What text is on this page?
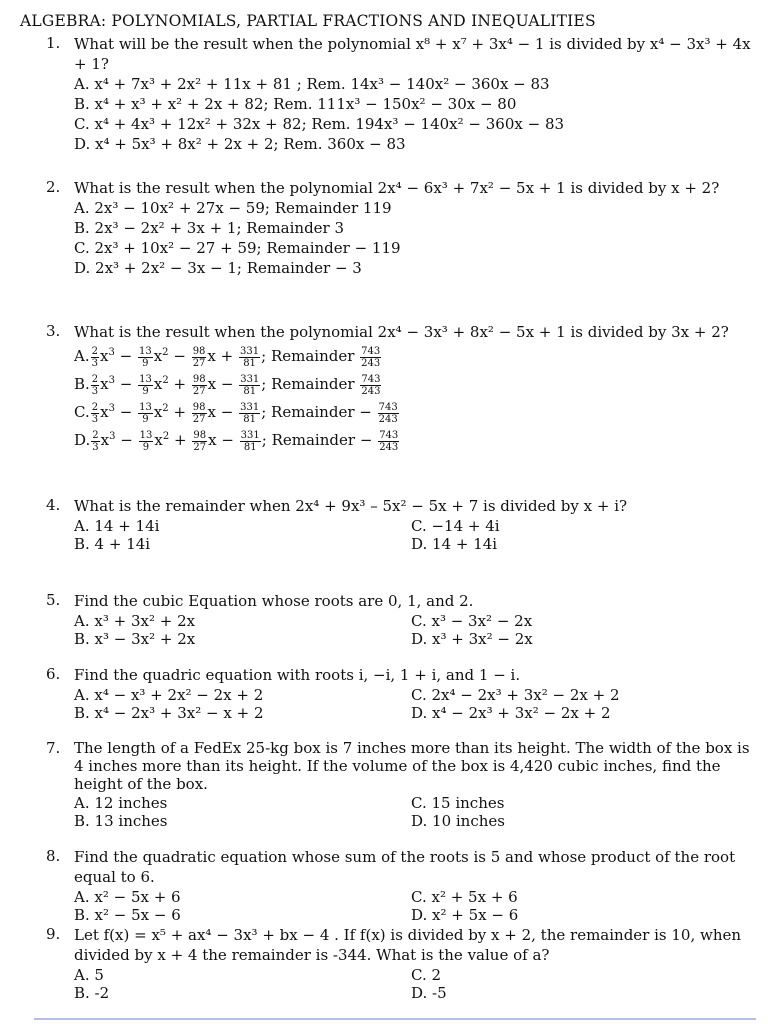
ALGEBRA: POLYNOMIALS, PARTIAL FRACTIONS AND INEQUALITIES
1. What will be the result when the polynomial x⁸ + x⁷ + 3x⁴ − 1 is divided by x⁴ − 3x³ + 4x + 1?
A. x⁴ + 7x³ + 2x² + 11x + 81 ; Rem. 14x³ − 140x² − 360x − 83
B. x⁴ + x³ + x² + 2x + 82; Rem. 111x³ − 150x² − 30x − 80
C. x⁴ + 4x³ + 12x² + 32x + 82; Rem. 194x³ − 140x² − 360x − 83
D. x⁴ + 5x³ + 8x² + 2x + 2; Rem. 360x − 83
2. What is the result when the polynomial 2x⁴ − 6x³ + 7x² − 5x + 1 is divided by x + 2?
A. 2x³ − 10x² + 27x − 59; Remainder 119
B. 2x³ − 2x² + 3x + 1; Remainder 3
C. 2x³ + 10x² − 27 + 59; Remainder − 119
D. 2x³ + 2x² − 3x − 1; Remainder − 3
3. What is the result when the polynomial 2x⁴ − 3x³ + 8x² − 5x + 1 is divided by 3x + 2?
A. $\frac{2}{3} x^3 - \frac{13}{9} x^2 - \frac{98}{27}$ $x + \frac{331}{81}$ ; Remainder $\frac{743}{243}$
B. $\frac{2}{3} x^3 - \frac{13}{9} x^2 + \frac{98}{27}$ $x - \frac{331}{81}$ ; Remainder $\frac{743}{243}$
C. $\frac{2}{3} x^3 - \frac{13}{9} x^2 + \frac{98}{27}$ $x - \frac{331}{81}$ ; Remainder − $\frac{743}{243}$
D. $\frac{2}{3} x^3 - \frac{13}{9} x^2 + \frac{98}{27}$ $x - \frac{331}{81}$ ; Remainder − $\frac{743}{243}$
4. What is the remainder when 2x⁴ + 9x³ – 5x² − 5x + 7 is divided by x + i?
A. 14 + 14i	C. −14 + 4i
B. 4 + 14i	D. 14 + 14i
5. Find the cubic Equation whose roots are 0, 1, and 2.
A. x³ + 3x² + 2x	C. x³ − 3x² − 2x
B. x³ − 3x² + 2x	D. x³ + 3x² − 2x
6. Find the quadric equation with roots i, −i, 1 + i, and 1 − i.
A. x⁴ − x³ + 2x² − 2x + 2	C. 2x⁴ − 2x³ + 3x² − 2x + 2
B. x⁴ − 2x³ + 3x² − x + 2	D. x⁴ − 2x³ + 3x² − 2x + 2
7. The length of a FedEx 25-kg box is 7 inches more than its height. The width of the box is 4 inches more than its height. If the volume of the box is 4,420 cubic inches, find the height of the box.
A. 12 inches	C. 15 inches
B. 13 inches	D. 10 inches
8. Find the quadratic equation whose sum of the roots is 5 and whose product of the root equal to 6.
A. x² − 5x + 6	C. x² + 5x + 6
B. x² − 5x − 6	D. x² + 5x − 6
9. Let f(x) = x⁵ + ax⁴ − 3x³ + bx − 4 . If f(x) is divided by x + 2, the remainder is 10, when divided by x + 4 the remainder is -344. What is the value of a?
A. 5	C. 2
B. -2	D. -5
